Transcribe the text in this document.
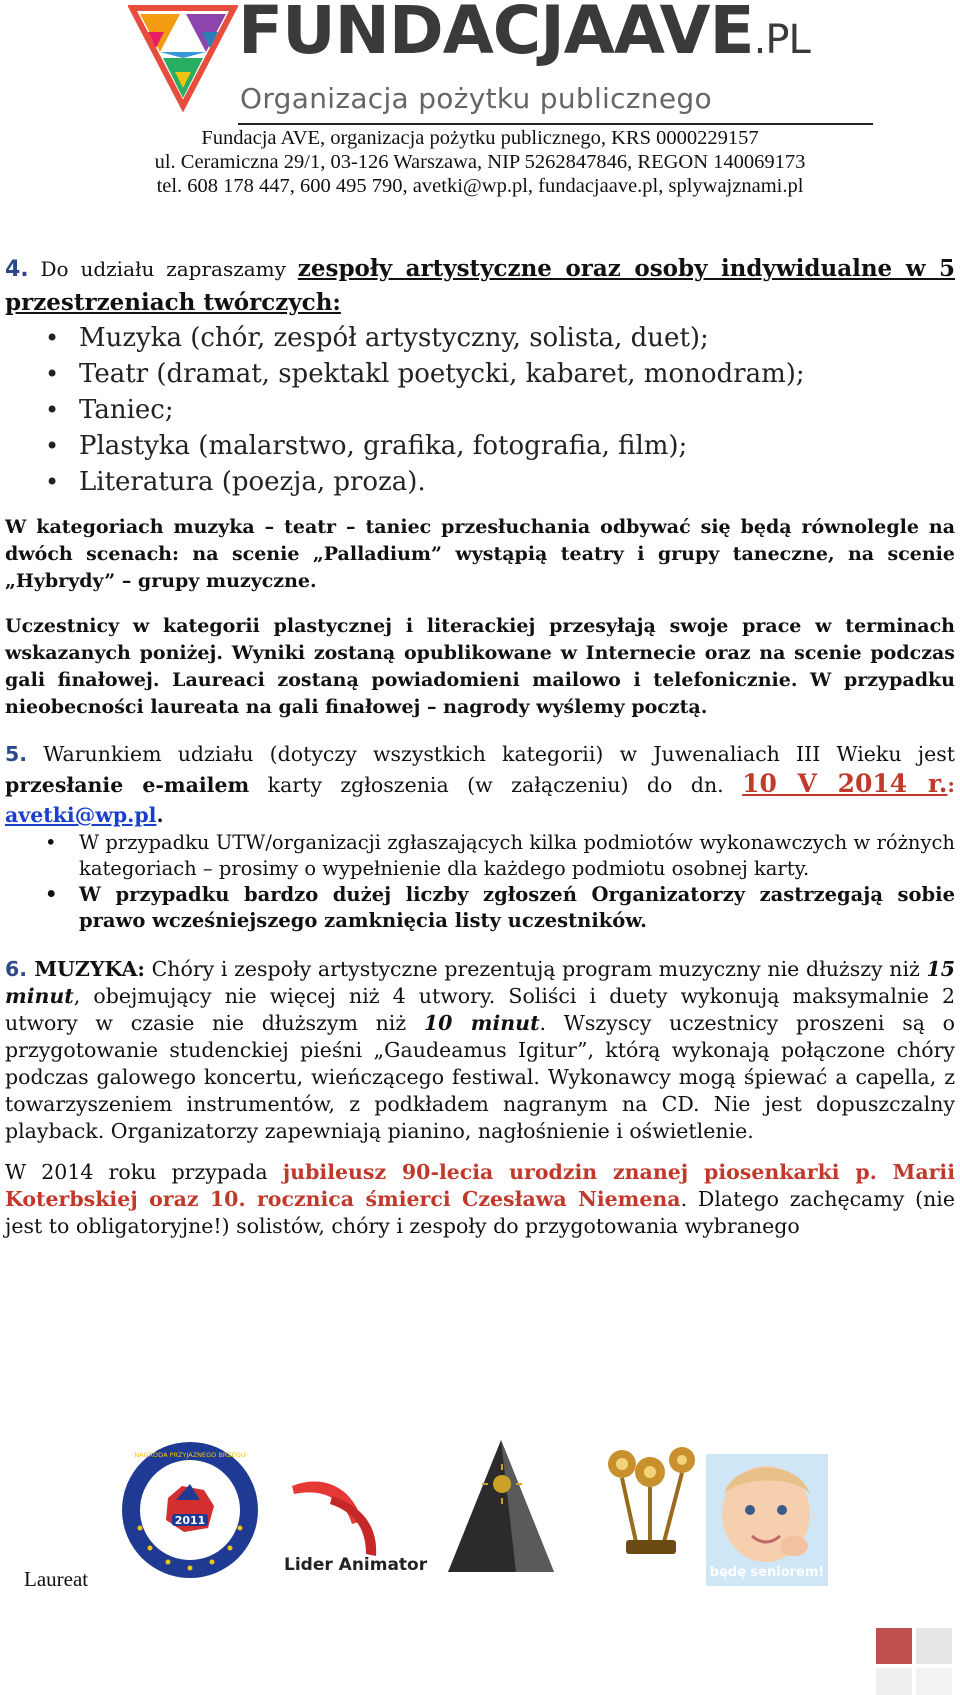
FUNDACJAAVE.PL
Organizacja pożytku publicznego
Fundacja AVE, organizacja pożytku publicznego, KRS 0000229157
ul. Ceramiczna 29/1, 03-126 Warszawa, NIP 5262847846, REGON 140069173
tel. 608 178 447, 600 495 790, avetki@wp.pl, fundacjaave.pl, splywajznami.pl
4. Do udziału zapraszamy zespoły artystyczne oraz osoby indywidualne w 5 przestrzeniach twórczych:
• Muzyka (chór, zespół artystyczny, solista, duet);
• Teatr (dramat, spektakl poetycki, kabaret, monodram);
• Taniec;
• Plastyka (malarstwo, grafika, fotografia, film);
• Literatura (poezja, proza).

W kategoriach muzyka – teatr – taniec przesłuchania odbywać się będą równolegle na dwóch scenach: na scenie „Palladium” wystąpią teatry i grupy taneczne, na scenie „Hybrydy” – grupy muzyczne.

Uczestnicy w kategorii plastycznej i literackiej przesyłają swoje prace w terminach wskazanych poniżej. Wyniki zostaną opublikowane w Internecie oraz na scenie podczas gali finałowej. Laureaci zostaną powiadomieni mailowo i telefonicznie. W przypadku nieobecności laureata na gali finałowej – nagrody wyślemy pocztą.

5. Warunkiem udziału (dotyczy wszystkich kategorii) w Juwenaliach III Wieku jest przesłanie e-mailem karty zgłoszenia (w załączeniu) do dn. 10 V 2014 r.: avetki@wp.pl.

• W przypadku UTW/organizacji zgłaszających kilka podmiotów wykonawczych w różnych kategoriach – prosimy o wypełnienie dla każdego podmiotu osobnej karty.
• W przypadku bardzo dużej liczby zgłoszeń Organizatorzy zastrzegają sobie prawo wcześniejszego zamknięcia listy uczestników.

6. MUZYKA: Chóry i zespoły artystyczne prezentują program muzyczny nie dłuższy niż 15 minut, obejmujący nie więcej niż 4 utwory. Soliści i duety wykonują maksymalnie 2 utwory w czasie nie dłuższym niż 10 minut. Wszyscy uczestnicy proszeni są o przygotowanie studenckiej pieśni „Gaudeamus Igitur”, którą wykonają połączone chóry podczas galowego koncertu, wieńczącego festiwal. Wykonawcy mogą śpiewać a capella, z towarzyszeniem instrumentów, z podkładem nagranym na CD. Nie jest dopuszczalny playback. Organizatorzy zapewniają pianino, nagłośnienie i oświetlenie.

W 2014 roku przypada jubileusz 90-lecia urodzin znanej piosenkarki p. Marii Koterbskiej oraz 10. rocznica śmierci Czesława Niemena. Dlatego zachęcamy (nie jest to obligatoryjne!) solistów, chóry i zespoły do przygotowania wybranego

Laureat
2011
NAGRODA PRZYJAZNEGO BRZEGU
Lider Animator	będę seniorem!
